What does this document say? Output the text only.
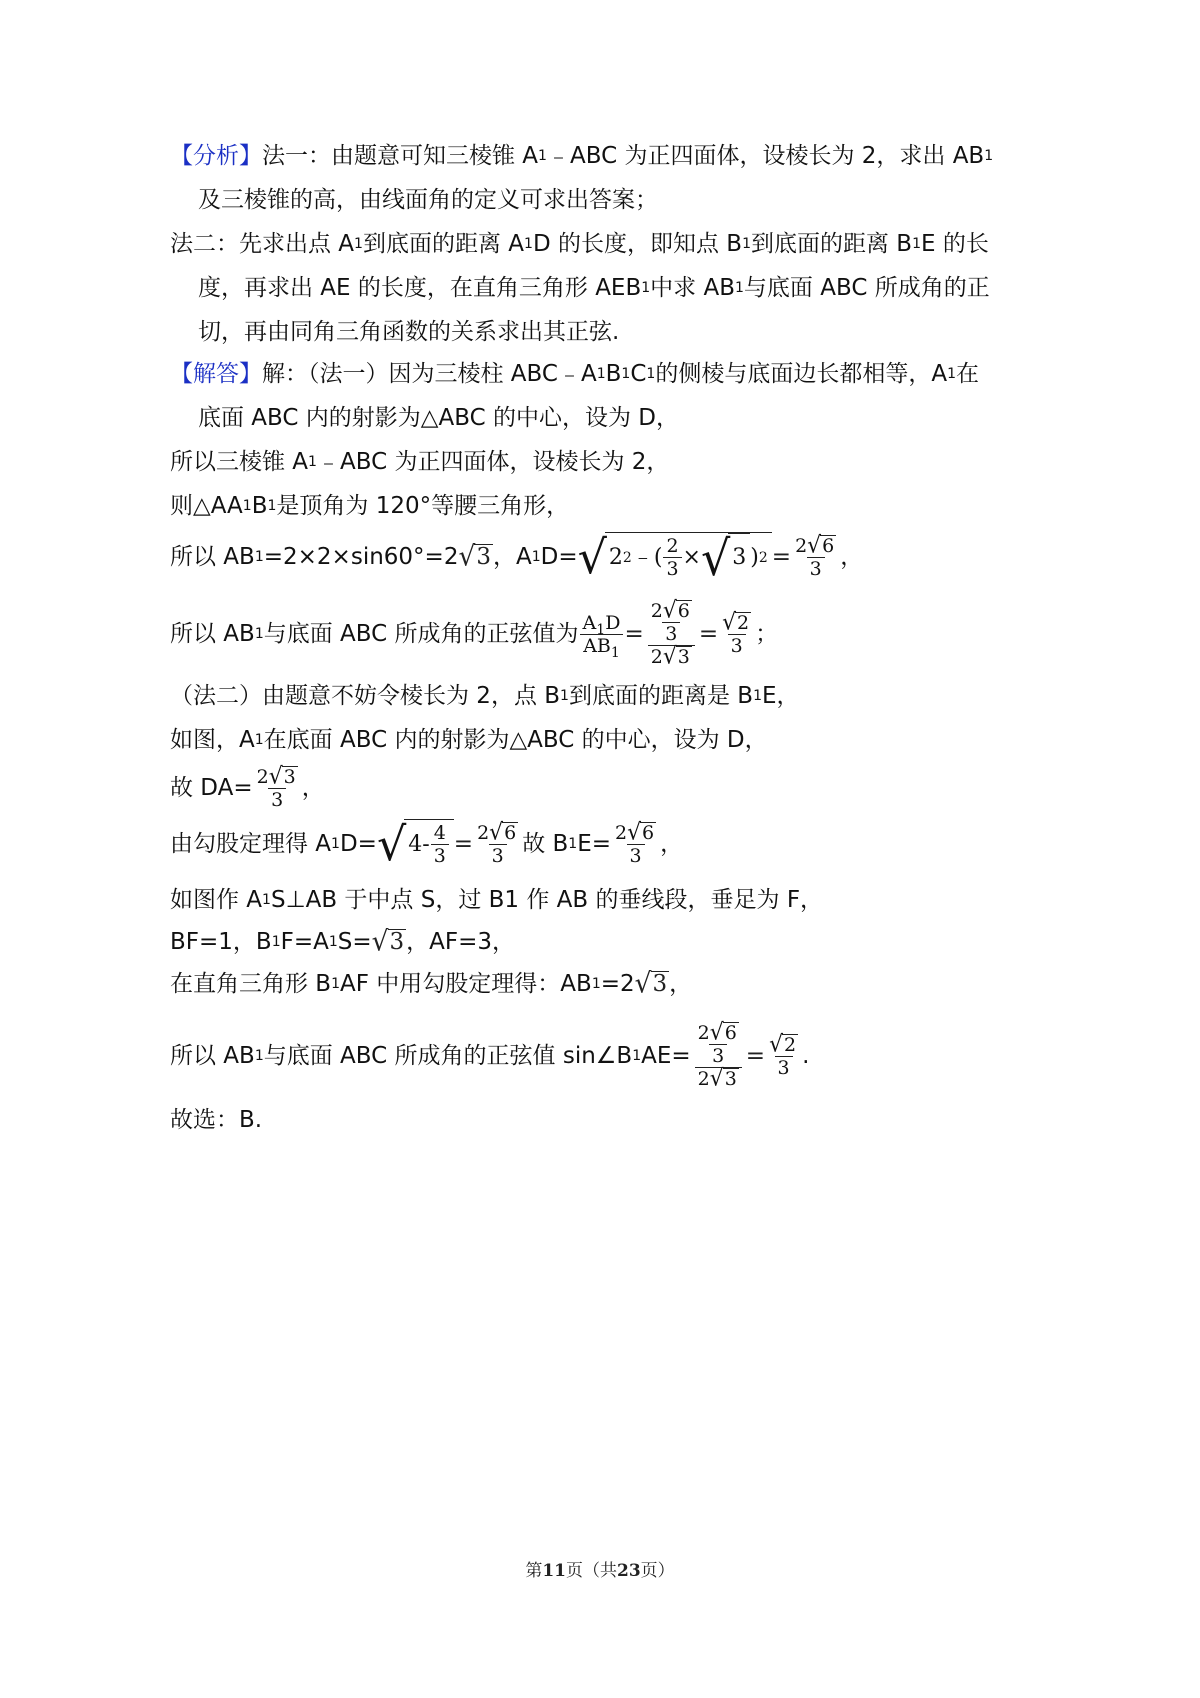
【分析】 法一：由题意可知三棱锥 A 1 ﹣ABC 为正四面体，设棱长为 2，求出 AB 1
及三棱锥的高，由线面角的定义可求出答案；
法二：先求出点 A 1 到底面的距离 A 1 D 的长度，即知点 B 1 到底面的距离 B 1 E 的长
度，再求出 AE 的长度，在直角三角形 AEB 1 中求 AB 1 与底面 ABC 所成角的正
切，再由同角三角函数的关系求出其正弦.
【解答】 解：（法一）因为三棱柱 ABC﹣A 1 B 1 C 1 的侧棱与底面边长都相等，A 1 在
底面 ABC 内的射影为△ABC 的中心，设为 D，
所以三棱锥 A 1 ﹣ABC 为正四面体，设棱长为 2，
则△AA 1 B 1 是顶角为 120°等腰三角形，
所以 AB 1 =2×2×sin60°=2 √ 3 ，A 1 D= √ 2 2 ﹣ ( $\frac{2}{3}$ × √ 3 ) $2 = \frac{2 √ 6}{3}$ ，
所以 AB 1 与底面 ABC 所成角的正弦值为 $\frac{A_1D}{AB_1} = \frac{\frac{2 √ 6}{3}}{2 √ 3} = \frac{√ 2}{3}$ ；
（法二）由题意不妨令棱长为 2，点 B 1 到底面的距离是 B 1 E，
如图，A 1 在底面 ABC 内的射影为△ABC 的中心，设为 D，
故 $DA= \frac{2 √ 3}{3}$ ，
由勾股定理得 A 1 D= √ $4- \frac{4}{3} = \frac{2 √ 6}{3}$ 故 B 1 $E= \frac{2 √ 6}{3}$ ，
如图作 A 1 S⊥AB 于中点 S，过 B1 作 AB 的垂线段，垂足为 F，
BF=1，B 1 F=A 1 S= √ 3 ，AF=3，
在直角三角形 B 1 AF 中用勾股定理得：AB 1 =2 √ 3 ，
所以 AB 1 与底面 ABC 所成角的正弦值 sin∠B 1 $AE= \frac{\frac{2 √ 6}{3}}{2 √ 3} = \frac{√ 2}{3}$ .
故选：B.
第11页（共23页）
